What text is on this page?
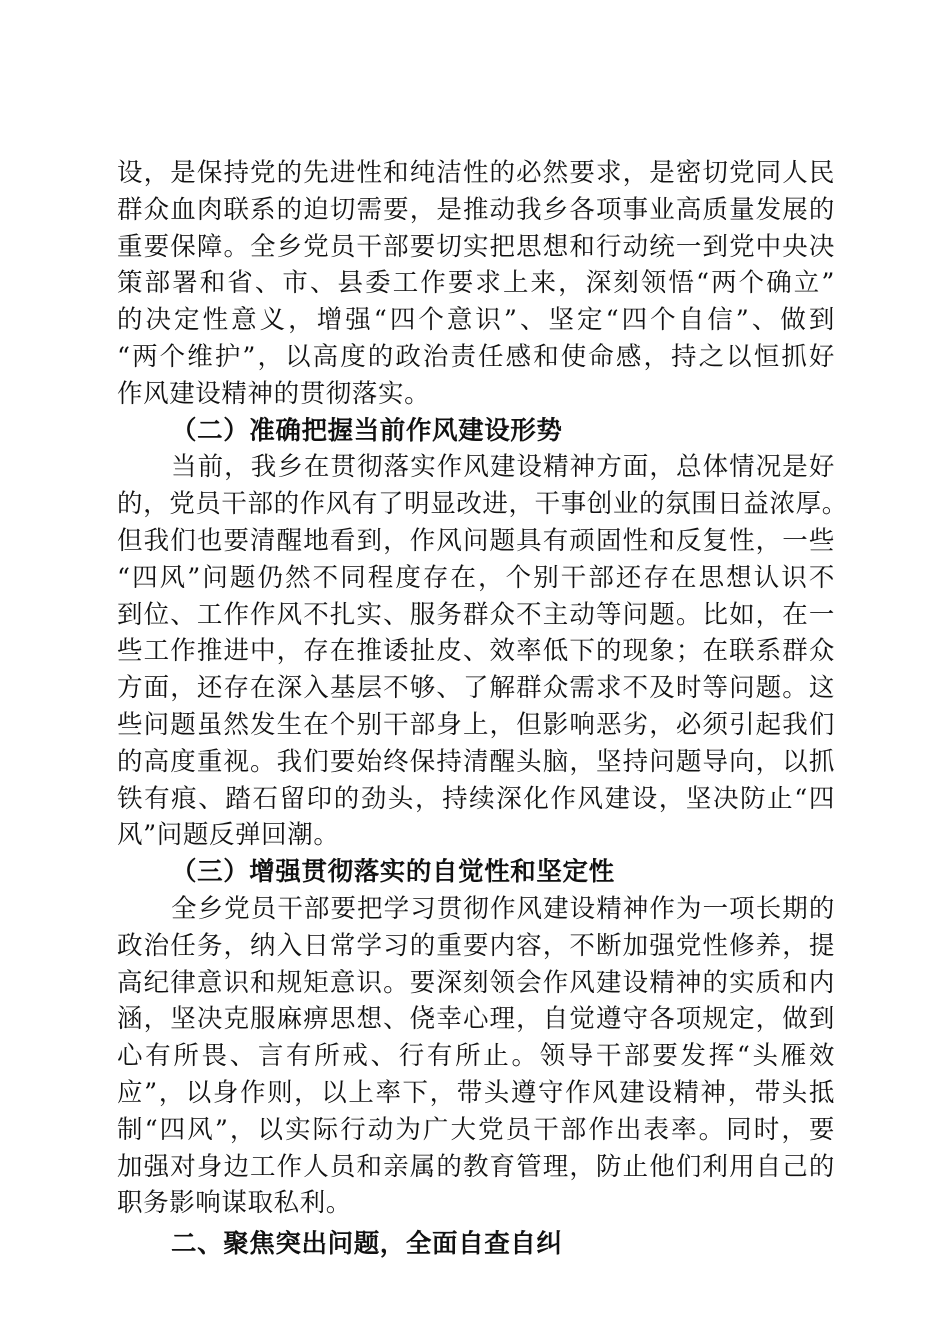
设，是保持党的先进性和纯洁性的必然要求，是密切党同人民
群众血肉联系的迫切需要，是推动我乡各项事业高质量发展的
重要保障。全乡党员干部要切实把思想和行动统一到党中央决
策部署和省、市、县委工作要求上来，深刻领悟“两个确立”
的决定性意义，增强“四个意识”、坚定“四个自信”、做到
“两个维护”，以高度的政治责任感和使命感，持之以恒抓好
作风建设精神的贯彻落实。
（二）准确把握当前作风建设形势
当前，我乡在贯彻落实作风建设精神方面，总体情况是好
的，党员干部的作风有了明显改进，干事创业的氛围日益浓厚。
但我们也要清醒地看到，作风问题具有顽固性和反复性，一些
“四风”问题仍然不同程度存在，个别干部还存在思想认识不
到位、工作作风不扎实、服务群众不主动等问题。比如，在一
些工作推进中，存在推诿扯皮、效率低下的现象；在联系群众
方面，还存在深入基层不够、了解群众需求不及时等问题。这
些问题虽然发生在个别干部身上，但影响恶劣，必须引起我们
的高度重视。我们要始终保持清醒头脑，坚持问题导向，以抓
铁有痕、踏石留印的劲头，持续深化作风建设，坚决防止“四
风”问题反弹回潮。
（三）增强贯彻落实的自觉性和坚定性
全乡党员干部要把学习贯彻作风建设精神作为一项长期的
政治任务，纳入日常学习的重要内容，不断加强党性修养，提
高纪律意识和规矩意识。要深刻领会作风建设精神的实质和内
涵，坚决克服麻痹思想、侥幸心理，自觉遵守各项规定，做到
心有所畏、言有所戒、行有所止。领导干部要发挥“头雁效
应”，以身作则，以上率下，带头遵守作风建设精神，带头抵
制“四风”，以实际行动为广大党员干部作出表率。同时，要
加强对身边工作人员和亲属的教育管理，防止他们利用自己的
职务影响谋取私利。
二、聚焦突出问题，全面自查自纠
